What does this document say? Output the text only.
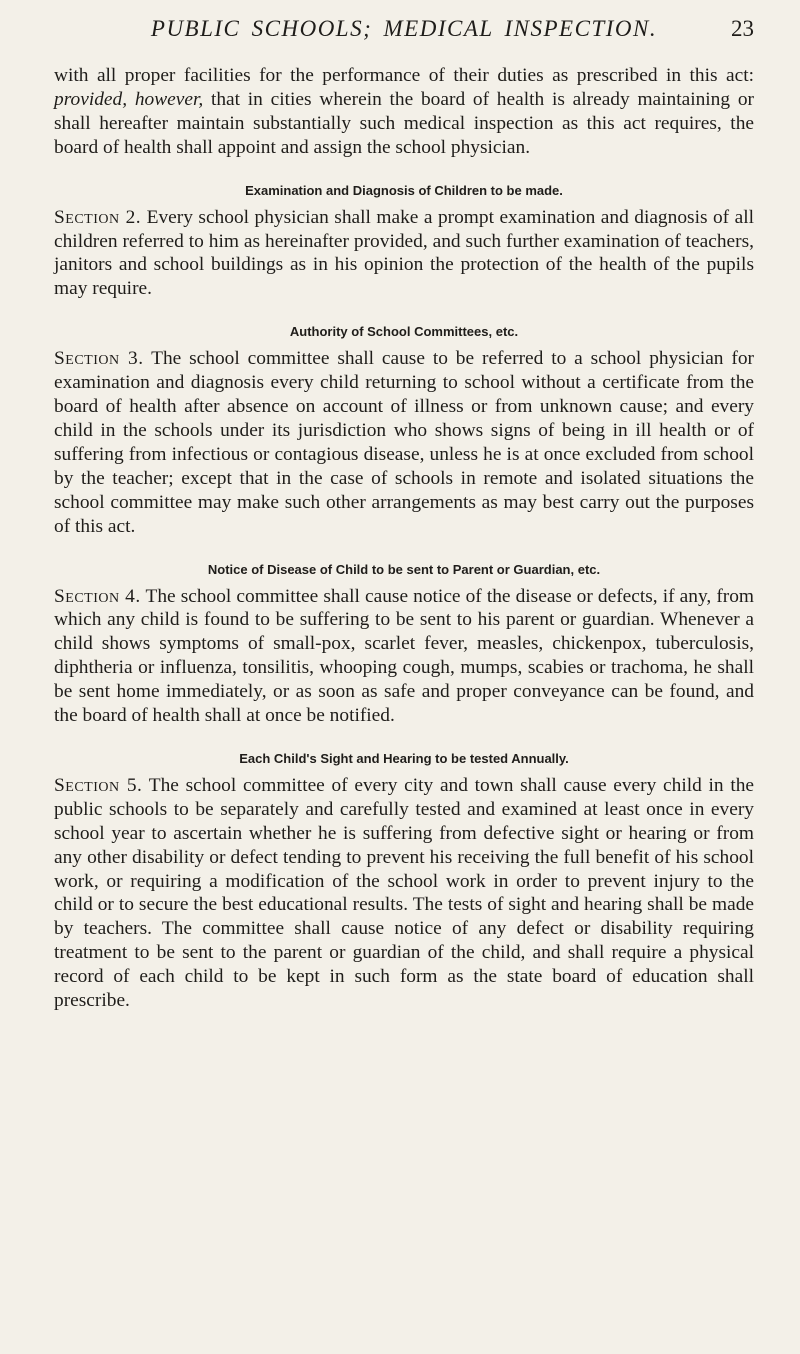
PUBLIC SCHOOLS; MEDICAL INSPECTION.	23

with all proper facilities for the performance of their duties as prescribed in this act: provided, however, that in cities wherein the board of health is already maintaining or shall hereafter maintain substantially such medical inspection as this act requires, the board of health shall appoint and assign the school physician.

Examination and Diagnosis of Children to be made.

Section 2. Every school physician shall make a prompt examination and diagnosis of all children referred to him as hereinafter provided, and such further examination of teachers, janitors and school buildings as in his opinion the protection of the health of the pupils may require.

Authority of School Committees, etc.

Section 3. The school committee shall cause to be referred to a school physician for examination and diagnosis every child returning to school without a certificate from the board of health after absence on account of illness or from unknown cause; and every child in the schools under its jurisdiction who shows signs of being in ill health or of suffering from infectious or contagious disease, unless he is at once excluded from school by the teacher; except that in the case of schools in remote and isolated situations the school committee may make such other arrangements as may best carry out the purposes of this act.

Notice of Disease of Child to be sent to Parent or Guardian, etc.

Section 4. The school committee shall cause notice of the disease or defects, if any, from which any child is found to be suffering to be sent to his parent or guardian. Whenever a child shows symptoms of small-pox, scarlet fever, measles, chickenpox, tuberculosis, diphtheria or influenza, tonsilitis, whooping cough, mumps, scabies or trachoma, he shall be sent home immediately, or as soon as safe and proper conveyance can be found, and the board of health shall at once be notified.

Each Child's Sight and Hearing to be tested Annually.

Section 5. The school committee of every city and town shall cause every child in the public schools to be separately and carefully tested and examined at least once in every school year to ascertain whether he is suffering from defective sight or hearing or from any other disability or defect tending to prevent his receiving the full benefit of his school work, or requiring a modification of the school work in order to prevent injury to the child or to secure the best educational results. The tests of sight and hearing shall be made by teachers. The committee shall cause notice of any defect or disability requiring treatment to be sent to the parent or guardian of the child, and shall require a physical record of each child to be kept in such form as the state board of education shall prescribe.
